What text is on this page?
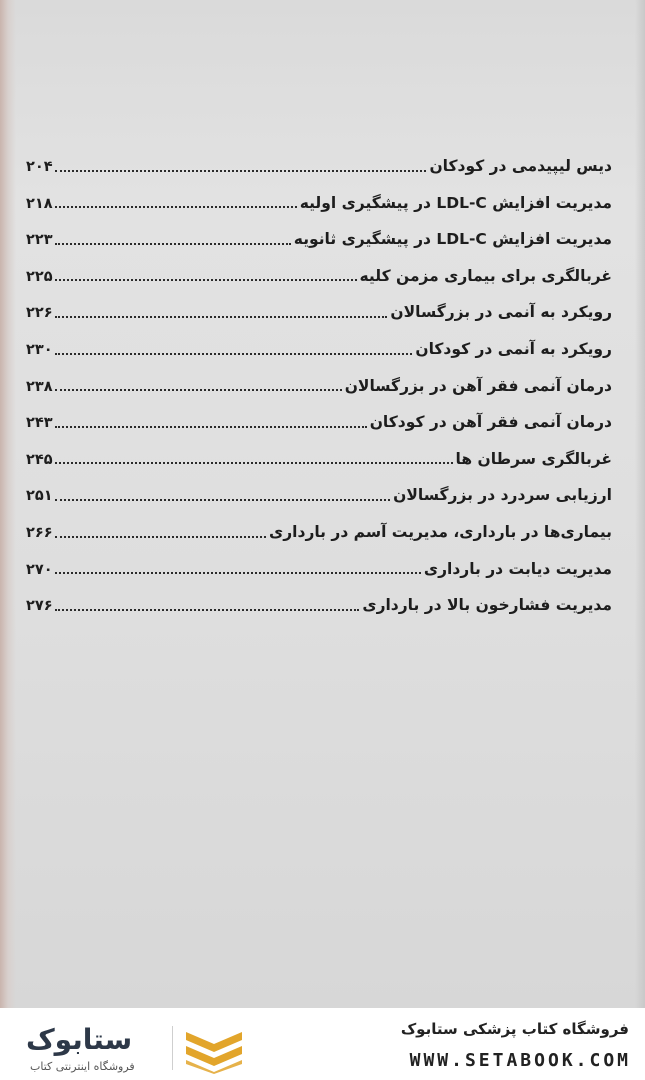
دیس لیپیدمی در کودکان
۲۰۴
مدیریت افزایش LDL-C در پیشگیری اولیه
۲۱۸
مدیریت افزایش LDL-C در پیشگیری ثانویه
۲۲۳
غربالگری برای بیماری مزمن کلیه
۲۲۵
رویکرد به آنمی در بزرگسالان
۲۲۶
رویکرد به آنمی در کودکان
۲۳۰
درمان آنمی فقر آهن در بزرگسالان
۲۳۸
درمان آنمی فقر آهن در کودکان
۲۴۳
غربالگری سرطان ها
۲۴۵
ارزیابی سردرد در بزرگسالان
۲۵۱
بیماری‌ها در بارداری، مدیریت آسم در بارداری
۲۶۶
مدیریت دیابت در بارداری
۲۷۰
مدیریت فشارخون بالا در بارداری
۲۷۶
ستابوک
فروشگاه اینترنتی کتاب
فروشگاه کتاب پزشکی ستابوک
WWW.SETABOOK.COM
